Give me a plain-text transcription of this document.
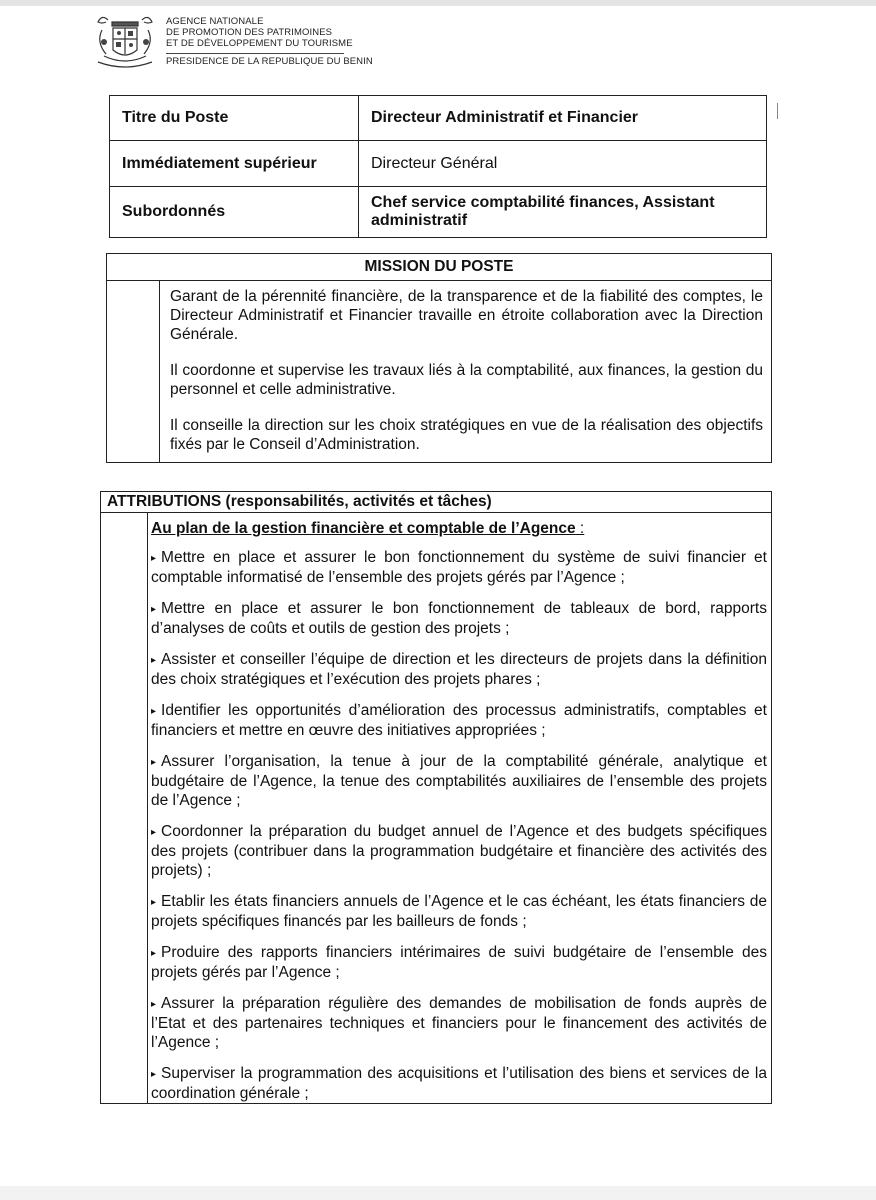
AGENCE NATIONALE
DE PROMOTION DES PATRIMOINES
ET DE DÉVELOPPEMENT DU TOURISME
PRESIDENCE DE LA REPUBLIQUE DU BENIN
Titre du Poste	Directeur Administratif et Financier
Immédiatement supérieur	Directeur Général
Subordonnés	Chef service comptabilité finances, Assistant administratif
MISSION DU POSTE

Garant de la pérennité financière, de la transparence et de la fiabilité des comptes, le Directeur Administratif et Financier travaille en étroite collaboration avec la Direction Générale.

Il coordonne et supervise les travaux liés à la comptabilité, aux finances, la gestion du personnel et celle administrative.

Il conseille la direction sur les choix stratégiques en vue de la réalisation des objectifs fixés par le Conseil d’Administration.

ATTRIBUTIONS (responsabilités, activités et tâches)

Au plan de la gestion financière et comptable de l’Agence :
▸ Mettre en place et assurer le bon fonctionnement du système de suivi financier et comptable informatisé de l’ensemble des projets gérés par l’Agence ;
▸ Mettre en place et assurer le bon fonctionnement de tableaux de bord, rapports d’analyses de coûts et outils de gestion des projets ;
▸ Assister et conseiller l’équipe de direction et les directeurs de projets dans la définition des choix stratégiques et l’exécution des projets phares ;
▸ Identifier les opportunités d’amélioration des processus administratifs, comptables et financiers et mettre en œuvre des initiatives appropriées ;
▸ Assurer l’organisation, la tenue à jour de la comptabilité générale, analytique et budgétaire de l’Agence, la tenue des comptabilités auxiliaires de l’ensemble des projets de l’Agence ;
▸ Coordonner la préparation du budget annuel de l’Agence et des budgets spécifiques des projets (contribuer dans la programmation budgétaire et financière des activités des projets) ;
▸ Etablir les états financiers annuels de l’Agence et le cas échéant, les états financiers de projets spécifiques financés par les bailleurs de fonds ;
▸ Produire des rapports financiers intérimaires de suivi budgétaire de l’ensemble des projets gérés par l’Agence ;
▸ Assurer la préparation régulière des demandes de mobilisation de fonds auprès de l’Etat et des partenaires techniques et financiers pour le financement des activités de l’Agence ;
▸ Superviser la programmation des acquisitions et l’utilisation des biens et services de la coordination générale ;
